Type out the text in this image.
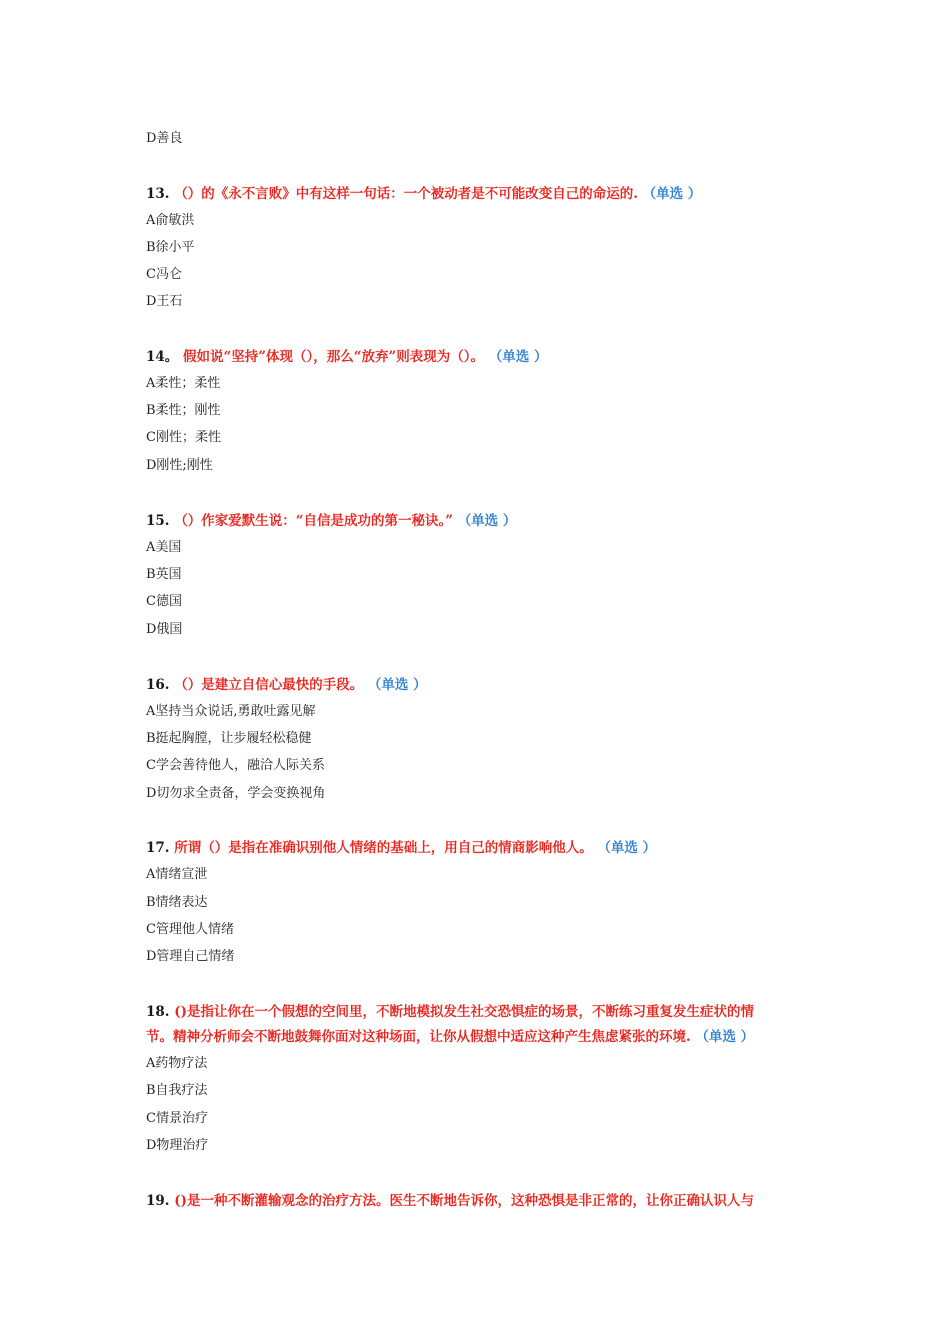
D善良
13. （）的《永不言败》中有这样一句话：一个被动者是不可能改变自己的命运的. （单选 ）
A俞敏洪
B徐小平
C冯仑
D王石
14。 假如说“坚持”体现（），那么“放弃”则表现为（）。 （单选 ）
A柔性；柔性
B柔性；刚性
C刚性；柔性
D刚性;刚性
15. （）作家爱默生说：“自信是成功的第一秘诀。” （单选 ）
A美国
B英国
C德国
D俄国
16. （）是建立自信心最快的手段。 （单选 ）
A坚持当众说话,勇敢吐露见解
B挺起胸膛，让步履轻松稳健
C学会善待他人，融洽人际关系
D切勿求全责备，学会变换视角
17. 所谓（）是指在准确识别他人情绪的基础上，用自己的情商影响他人。 （单选 ）
A情绪宣泄
B情绪表达
C管理他人情绪
D管理自己情绪
18. ()是指让你在一个假想的空间里，不断地模拟发生社交恐惧症的场景，不断练习重复发生症状的情
节。精神分析师会不断地鼓舞你面对这种场面，让你从假想中适应这种产生焦虑紧张的环境. （单选 ）
A药物疗法
B自我疗法
C情景治疗
D物理治疗
19. ()是一种不断灌输观念的治疗方法。医生不断地告诉你，这种恐惧是非正常的，让你正确认识人与
